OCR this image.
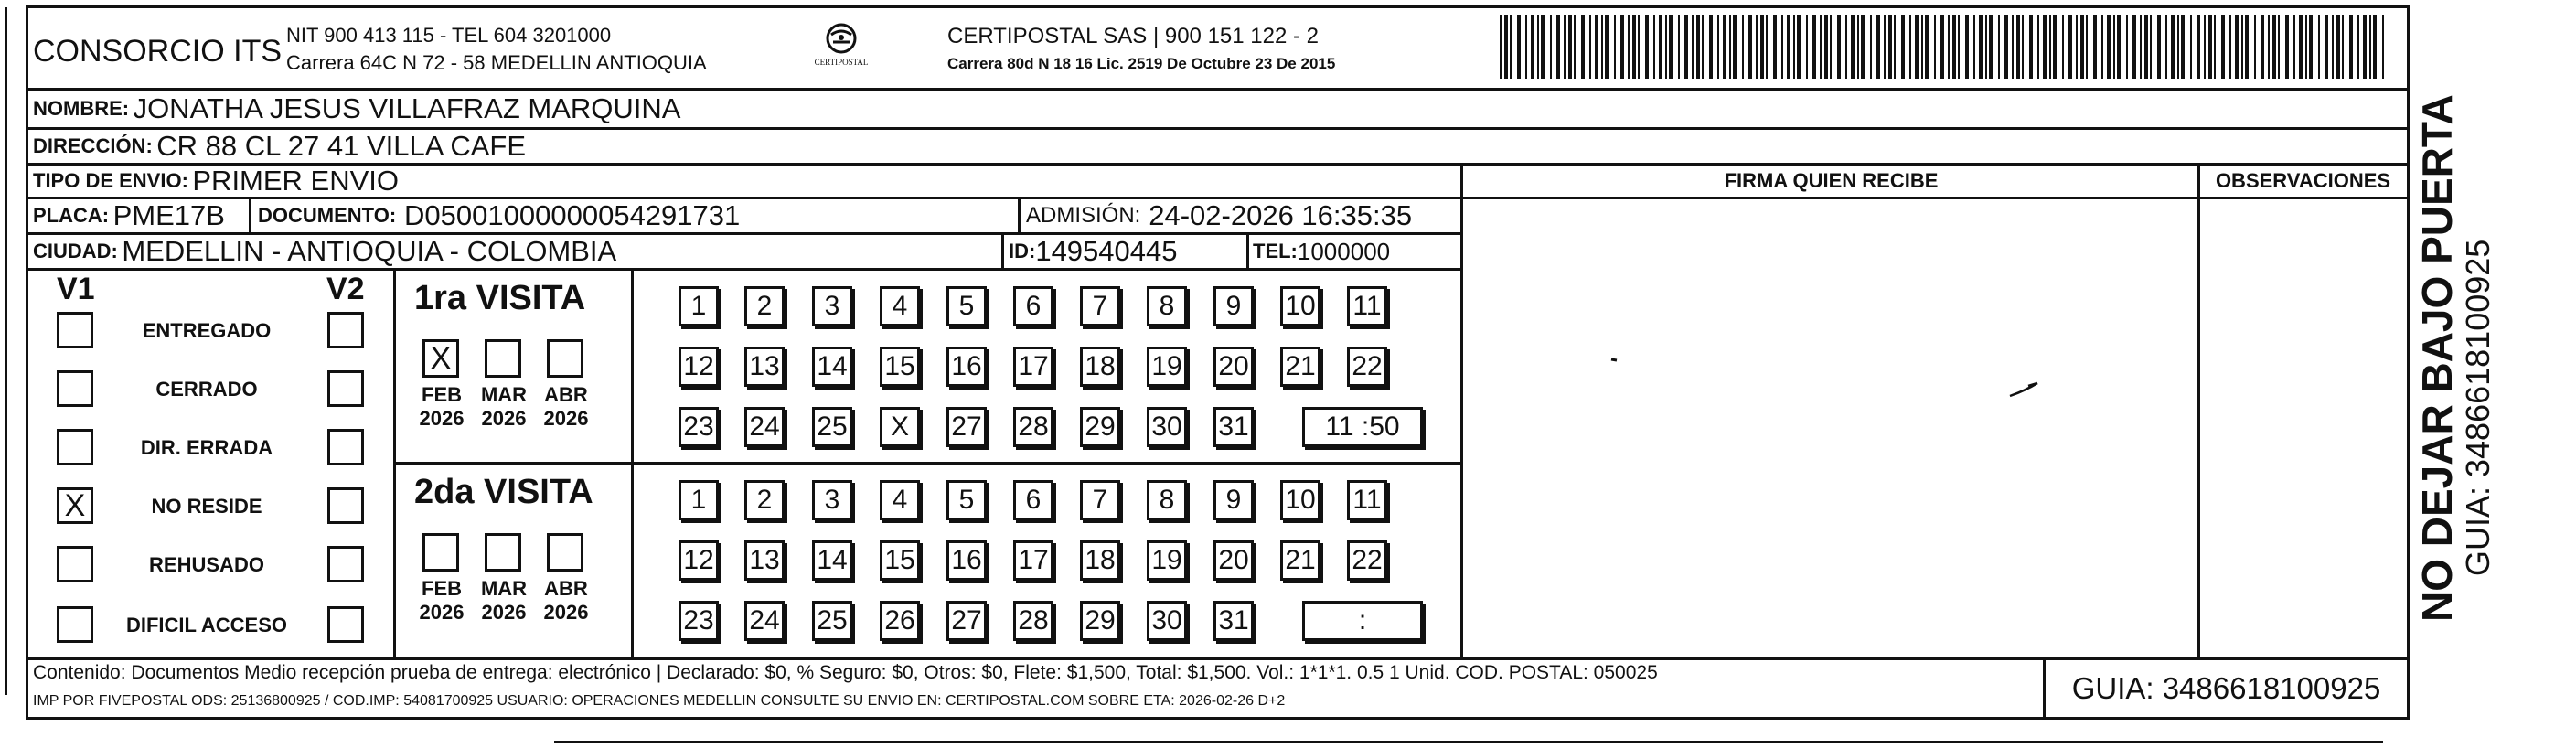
CONSORCIO ITS NIT 900 413 115 - TEL 604 3201000
Carrera 64C N 72 - 58 MEDELLIN ANTIOQUIA	CERTIPOSTAL
CERTIPOSTAL SAS | 900 151 122 - 2
Carrera 80d N 18 16 Lic. 2519 De Octubre 23 De 2015
NOMBRE:
JONATHA JESUS VILLAFRAZ MARQUINA
DIRECCIÓN:
CR 88 CL 27 41 VILLA CAFE
TIPO DE ENVIO:
PRIMER ENVIO	FIRMA QUIEN RECIBE	OBSERVACIONES
PLACA:
PME17B DOCUMENTO:
D05001000000054291731	ADMISIÓN:
24-02-2026 16:35:35
CIUDAD:
MEDELLIN - ANTIOQUIA - COLOMBIA	ID: 149540445	TEL: 1000000
V1	V2
ENTREGADO
CERRADO
DIR. ERRADA
X	NO RESIDE
REHUSADO
DIFICIL ACCESO
1ra VISITA
X
FEB
2026
MAR
2026
ABR
2026
1	2	3	4	5	6	7	8	9	10 11
12 13 14 15 16 17 18 19 20 21 22
23 24 25	X	27 28 29 30 31	11 :50
2da VISITA
FEB
2026
MAR
2026
ABR
2026
1	2	3	4	5	6	7	8	9	10 11
12 13 14 15 16 17 18 19 20 21 22
23 24 25 26 27 28 29 30 31	:
Contenido: Documentos Medio recepción prueba de entrega: electrónico | Declarado: $0, % Seguro: $0, Otros: $0, Flete: $1,500, Total: $1,500. Vol.: 1*1*1. 0.5 1 Unid. COD. POSTAL: 050025
IMP POR FIVEPOSTAL ODS: 25136800925 / COD.IMP: 54081700925 USUARIO: OPERACIONES MEDELLIN CONSULTE SU ENVIO EN: CERTIPOSTAL.COM SOBRE ETA: 2026-02-26 D+2	GUIA: 3486618100925
NO DEJAR BAJO PUERTA
GUIA: 3486618100925
